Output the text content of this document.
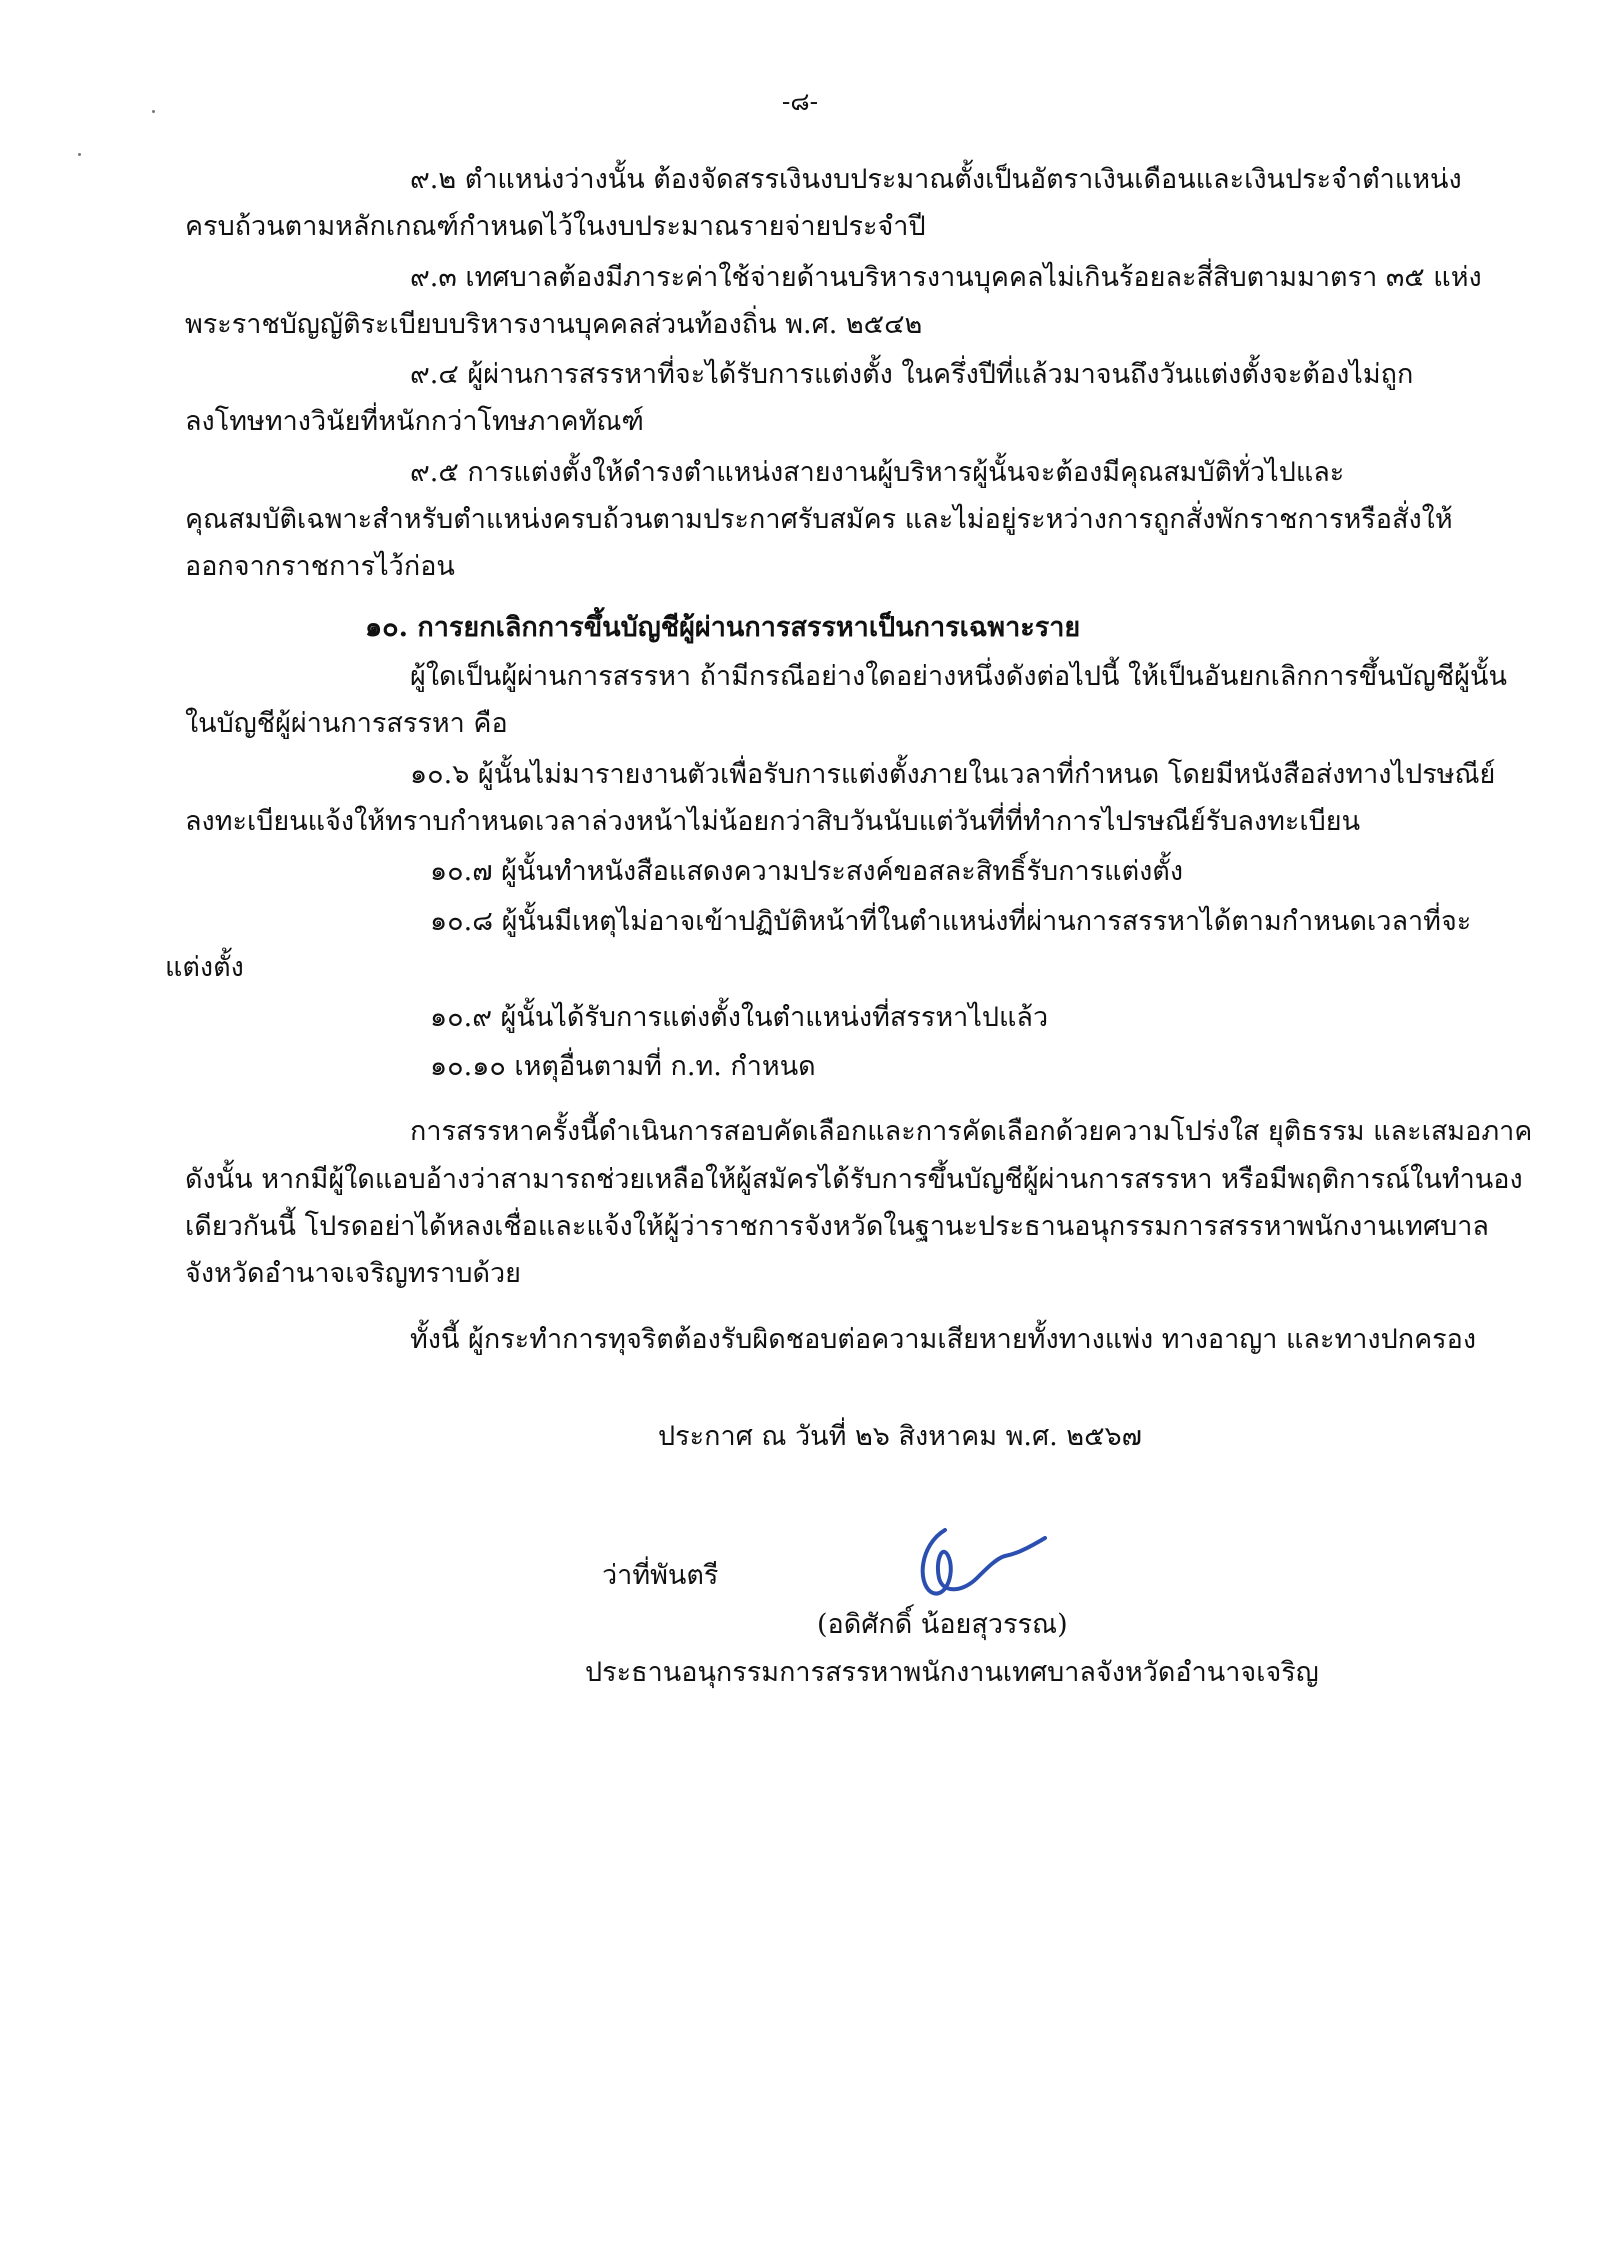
-๘-
๙.๒ ตำแหน่งว่างนั้น ต้องจัดสรรเงินงบประมาณตั้งเป็นอัตราเงินเดือนและเงินประจำตำแหน่ง
ครบถ้วนตามหลักเกณฑ์กำหนดไว้ในงบประมาณรายจ่ายประจำปี
๙.๓ เทศบาลต้องมีภาระค่าใช้จ่ายด้านบริหารงานบุคคลไม่เกินร้อยละสี่สิบตามมาตรา ๓๕ แห่ง
พระราชบัญญัติระเบียบบริหารงานบุคคลส่วนท้องถิ่น พ.ศ. ๒๕๔๒
๙.๔ ผู้ผ่านการสรรหาที่จะได้รับการแต่งตั้ง ในครึ่งปีที่แล้วมาจนถึงวันแต่งตั้งจะต้องไม่ถูก
ลงโทษทางวินัยที่หนักกว่าโทษภาคทัณฑ์
๙.๕ การแต่งตั้งให้ดำรงตำแหน่งสายงานผู้บริหารผู้นั้นจะต้องมีคุณสมบัติทั่วไปและ
คุณสมบัติเฉพาะสำหรับตำแหน่งครบถ้วนตามประกาศรับสมัคร และไม่อยู่ระหว่างการถูกสั่งพักราชการหรือสั่งให้
ออกจากราชการไว้ก่อน
๑๐. การยกเลิกการขึ้นบัญชีผู้ผ่านการสรรหาเป็นการเฉพาะราย
ผู้ใดเป็นผู้ผ่านการสรรหา ถ้ามีกรณีอย่างใดอย่างหนึ่งดังต่อไปนี้ ให้เป็นอันยกเลิกการขึ้นบัญชีผู้นั้น
ในบัญชีผู้ผ่านการสรรหา คือ
๑๐.๖ ผู้นั้นไม่มารายงานตัวเพื่อรับการแต่งตั้งภายในเวลาที่กำหนด โดยมีหนังสือส่งทางไปรษณีย์
ลงทะเบียนแจ้งให้ทราบกำหนดเวลาล่วงหน้าไม่น้อยกว่าสิบวันนับแต่วันที่ที่ทำการไปรษณีย์รับลงทะเบียน
๑๐.๗ ผู้นั้นทำหนังสือแสดงความประสงค์ขอสละสิทธิ์รับการแต่งตั้ง
๑๐.๘ ผู้นั้นมีเหตุไม่อาจเข้าปฏิบัติหน้าที่ในตำแหน่งที่ผ่านการสรรหาได้ตามกำหนดเวลาที่จะ
แต่งตั้ง
๑๐.๙ ผู้นั้นได้รับการแต่งตั้งในตำแหน่งที่สรรหาไปแล้ว
๑๐.๑๐ เหตุอื่นตามที่ ก.ท. กำหนด
การสรรหาครั้งนี้ดำเนินการสอบคัดเลือกและการคัดเลือกด้วยความโปร่งใส ยุติธรรม และเสมอภาค
ดังนั้น หากมีผู้ใดแอบอ้างว่าสามารถช่วยเหลือให้ผู้สมัครได้รับการขึ้นบัญชีผู้ผ่านการสรรหา หรือมีพฤติการณ์ในทำนอง
เดียวกันนี้ โปรดอย่าได้หลงเชื่อและแจ้งให้ผู้ว่าราชการจังหวัดในฐานะประธานอนุกรรมการสรรหาพนักงานเทศบาล
จังหวัดอำนาจเจริญทราบด้วย
ทั้งนี้ ผู้กระทำการทุจริตต้องรับผิดชอบต่อความเสียหายทั้งทางแพ่ง ทางอาญา และทางปกครอง
ประกาศ ณ วันที่ ๒๖ สิงหาคม พ.ศ. ๒๕๖๗
ว่าที่พันตรี
(อดิศักดิ์ น้อยสุวรรณ)
ประธานอนุกรรมการสรรหาพนักงานเทศบาลจังหวัดอำนาจเจริญ
